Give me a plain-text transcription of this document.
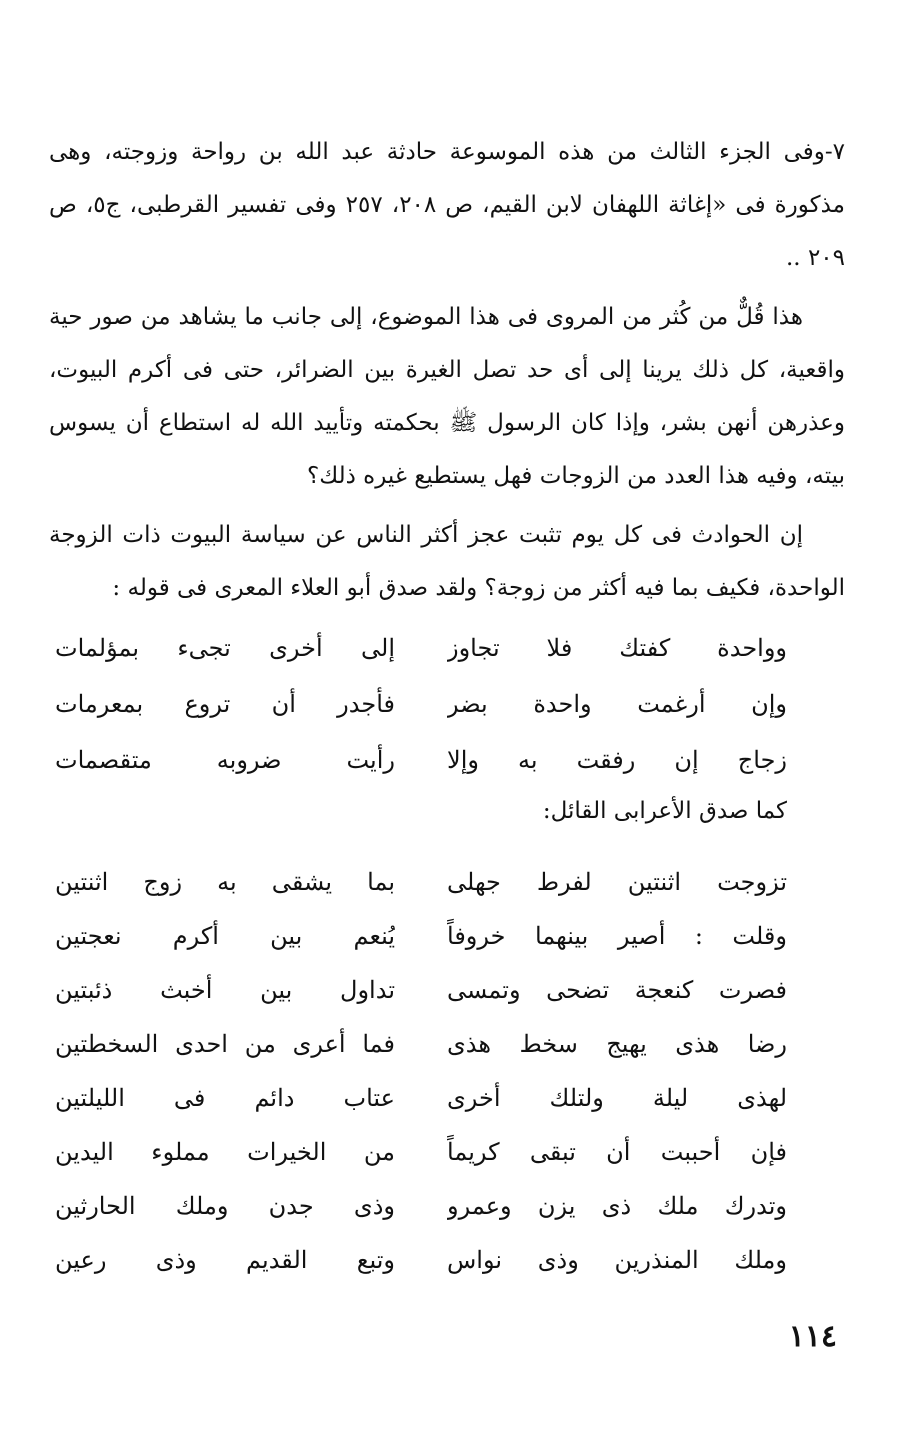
٧-وفى الجزء الثالث من هذه الموسوعة حادثة عبد الله بن رواحة وزوجته، وهى مذكورة فى «إغاثة اللهفان لابن القيم، ص ٢٠٨، ٢٥٧ وفى تفسير القرطبى، ج٥، ص ٢٠٩ ..

هذا قُلٌّ من كُثر من المروى فى هذا الموضوع، إلى جانب ما يشاهد من صور حية واقعية، كل ذلك يرينا إلى أى حد تصل الغيرة بين الضرائر، حتى فى أكرم البيوت، وعذرهن أنهن بشر، وإذا كان الرسول ﷺ بحكمته وتأييد الله له استطاع أن يسوس بيته، وفيه هذا العدد من الزوجات فهل يستطيع غيره ذلك؟

إن الحوادث فى كل يوم تثبت عجز أكثر الناس عن سياسة البيوت ذات الزوجة الواحدة، فكيف بما فيه أكثر من زوجة؟ ولقد صدق أبو العلاء المعرى فى قوله :

وواحدة كفتك فلا تجاوز
إلى أخرى تجىء بمؤلمات
وإن أرغمت واحدة بضر
فأجدر أن تروع بمعرمات
زجاج إن رفقت به وإلا
رأيت ضروبه متقصمات
كما صدق الأعرابى القائل:
تزوجت اثنتين لفرط جهلى
بما يشقى به زوج اثنتين
وقلت : أصير بينهما خروفاً
يُنعم بين أكرم نعجتين
فصرت كنعجة تضحى وتمسى
تداول بين أخبث ذئبتين
رضا هذى يهيج سخط هذى
فما أعرى من احدى السخطتين
لهذى ليلة ولتلك أخرى
عتاب دائم فى الليلتين
فإن أحببت أن تبقى كريماً
من الخيرات مملوء اليدين
وتدرك ملك ذى يزن وعمرو
وذى جدن وملك الحارثين
وملك المنذرين وذى نواس
وتبع القديم وذى رعين
١١٤
